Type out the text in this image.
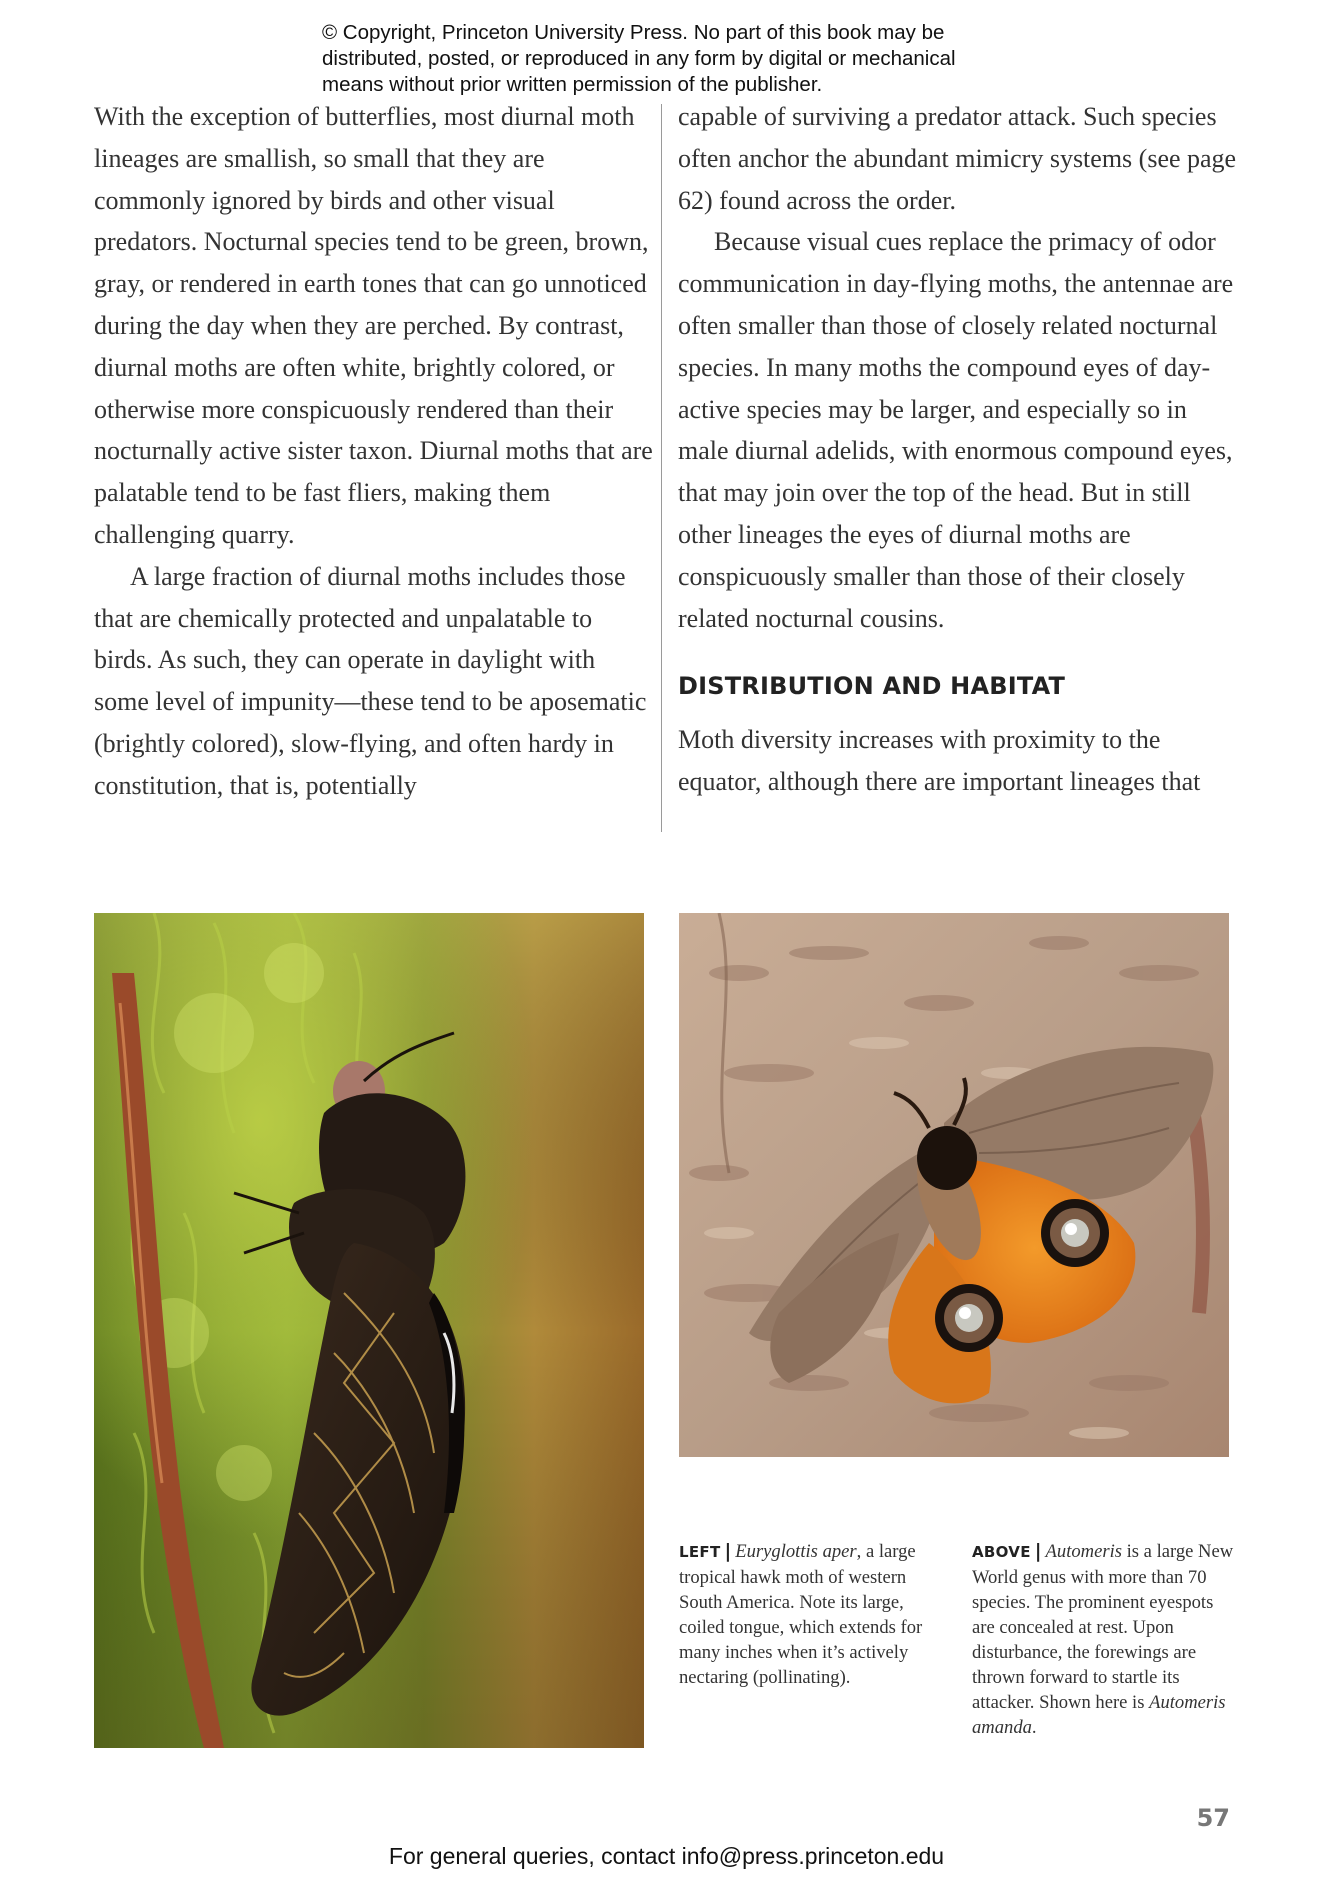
© Copyright, Princeton University Press. No part of this book may be
distributed, posted, or reproduced in any form by digital or mechanical
means without prior written permission of the publisher.

With the exception of butterflies, most diurnal moth lineages are smallish, so small that they are commonly ignored by birds and other visual predators. Nocturnal species tend to be green, brown, gray, or rendered in earth tones that can go unnoticed during the day when they are perched. By contrast, diurnal moths are often white, brightly colored, or otherwise more conspicuously rendered than their nocturnally active sister taxon. Diurnal moths that are palatable tend to be fast fliers, making them challenging quarry.

A large fraction of diurnal moths includes those that are chemically protected and unpalatable to birds. As such, they can operate in daylight with some level of impunity—these tend to be aposematic (brightly colored), slow-flying, and often hardy in constitution, that is, potentially

capable of surviving a predator attack. Such species often anchor the abundant mimicry systems (see page 62) found across the order.

Because visual cues replace the primacy of odor communication in day-flying moths, the antennae are often smaller than those of closely related nocturnal species. In many moths the compound eyes of day-active species may be larger, and especially so in male diurnal adelids, with enormous compound eyes, that may join over the top of the head. But in still other lineages the eyes of diurnal moths are conspicuously smaller than those of their closely related nocturnal cousins.

DISTRIBUTION AND HABITAT

Moth diversity increases with proximity to the equator, although there are important lineages that

LEFT | Euryglottis aper, a large tropical hawk moth of western South America. Note its large, coiled tongue, which extends for many inches when it’s actively nectaring (pollinating).
ABOVE | Automeris is a large New World genus with more than 70 species. The prominent eyespots are concealed at rest. Upon disturbance, the forewings are thrown forward to startle its attacker. Shown here is Automeris amanda.
57
For general queries, contact info@press.princeton.edu
